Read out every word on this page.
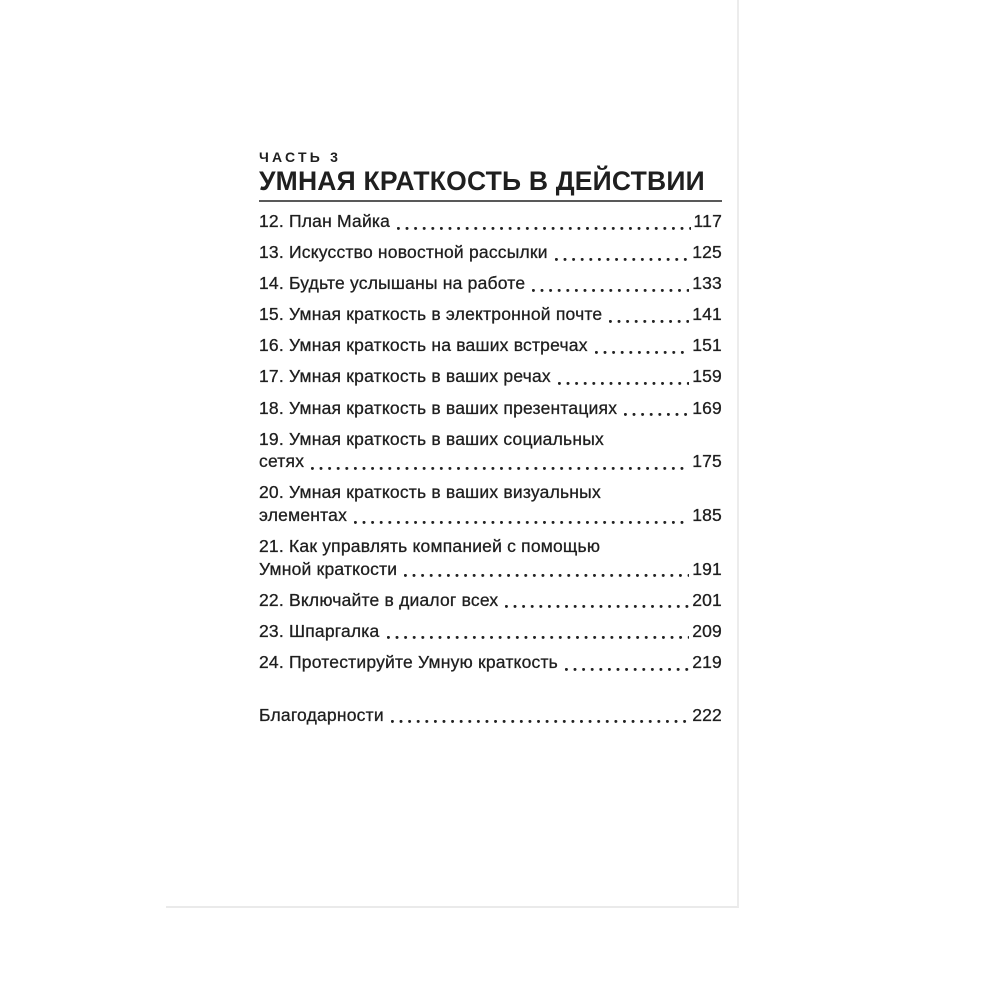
ЧАСТЬ 3
УМНАЯ КРАТКОСТЬ В ДЕЙСТВИИ
12. План Майка	117
13. Искусство новостной рассылки	125
14. Будьте услышаны на работе	133
15. Умная краткость в электронной почте	141
16. Умная краткость на ваших встречах	151
17. Умная краткость в ваших речах	159
18. Умная краткость в ваших презентациях	169
19. Умная краткость в ваших социальных
сетях	175
20. Умная краткость в ваших визуальных
элементах	185
21. Как управлять компанией с помощью
Умной краткости	191
22. Включайте в диалог всех	201
23. Шпаргалка	209
24. Протестируйте Умную краткость	219
Благодарности	222
